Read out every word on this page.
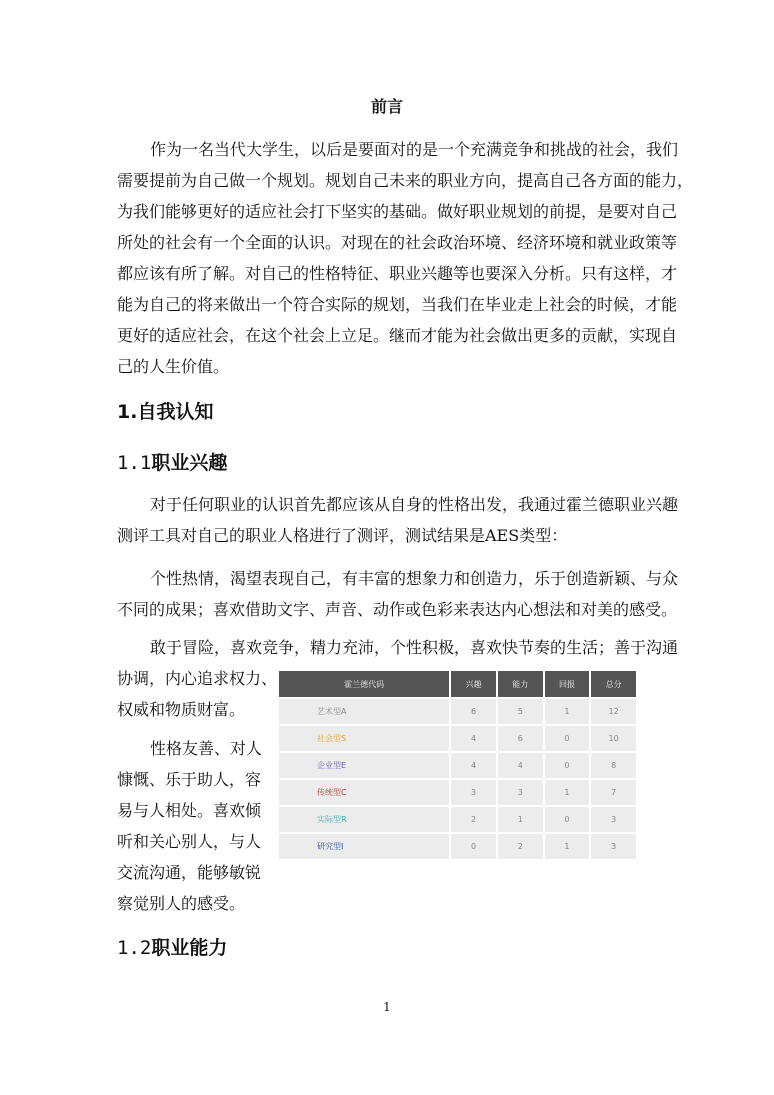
前言
作为一名当代大学生，以后是要面对的是一个充满竞争和挑战的社会，我们
需要提前为自己做一个规划。规划自己未来的职业方向，提高自己各方面的能力，
为我们能够更好的适应社会打下坚实的基础。做好职业规划的前提，是要对自己
所处的社会有一个全面的认识。对现在的社会政治环境、经济环境和就业政策等
都应该有所了解。对自己的性格特征、职业兴趣等也要深入分析。只有这样，才
能为自己的将来做出一个符合实际的规划，当我们在毕业走上社会的时候，才能
更好的适应社会，在这个社会上立足。继而才能为社会做出更多的贡献，实现自
己的人生价值。
1.自我认知
1.1职业兴趣
对于任何职业的认识首先都应该从自身的性格出发，我通过霍兰德职业兴趣
测评工具对自己的职业人格进行了测评，测试结果是AES类型：
个性热情，渴望表现自己，有丰富的想象力和创造力，乐于创造新颖、与众
不同的成果；喜欢借助文字、声音、动作或色彩来表达内心想法和对美的感受。
敢于冒险，喜欢竞争，精力充沛，个性积极，喜欢快节奏的生活；善于沟通
协调，内心追求权力、
权威和物质财富。
性格友善、对人
慷慨、乐于助人，容
易与人相处。喜欢倾
听和关心别人，与人
交流沟通，能够敏锐
察觉别人的感受。
霍兰德代码	兴趣	能力	回报	总分
艺术型A	6	5	1	12
社会型S	4	6	0	10
企业型E	4	4	0	8
传统型C	3	3	1	7
实际型R	2	1	0	3
研究型I	0	2	1	3
1.2职业能力
1
